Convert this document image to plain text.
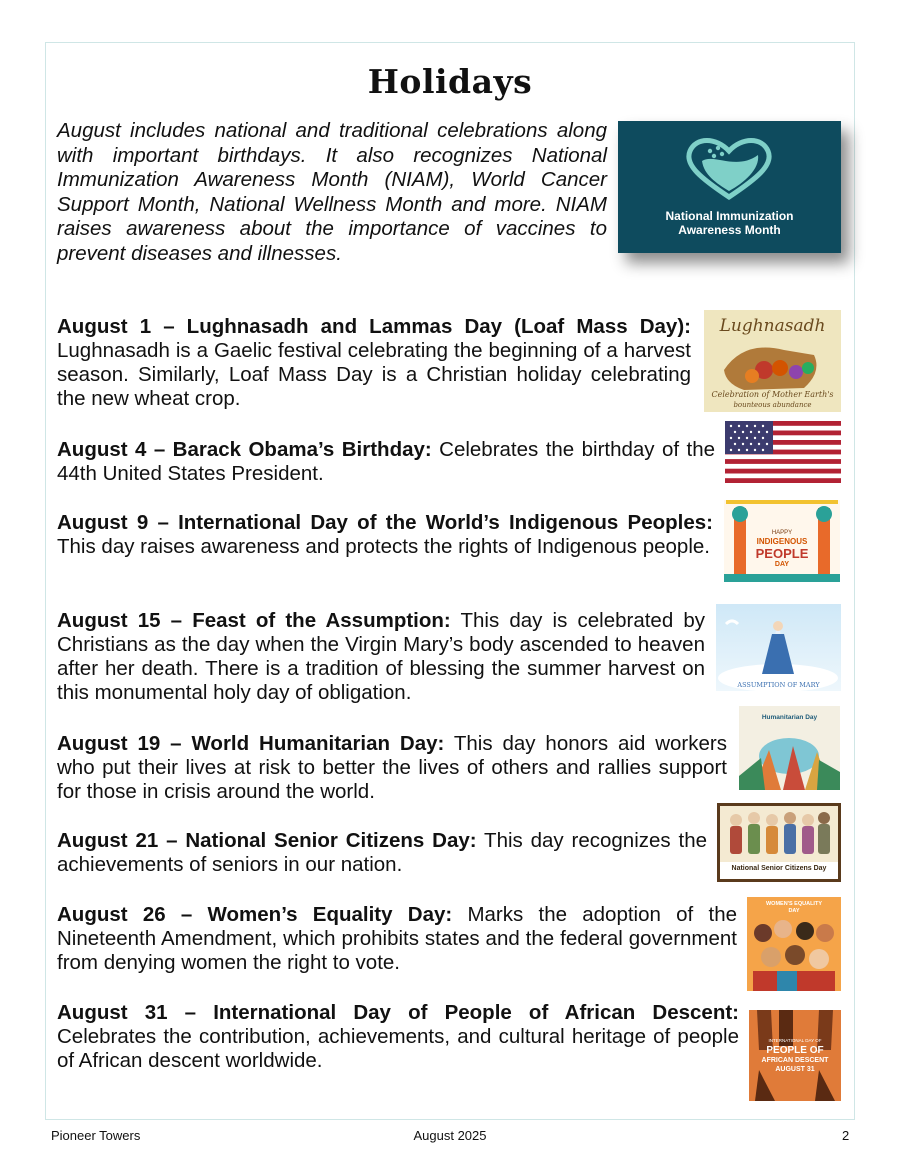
Holidays

August includes national and traditional celebrations along with important birthdays. It also recognizes National Immunization Awareness Month (NIAM), World Cancer Support Month, National Wellness Month and more. NIAM raises awareness about the importance of vaccines to prevent diseases and illnesses.

National Immunization
Awareness Month

August 1 – Lughnasadh and Lammas Day (Loaf Mass Day): Lughnasadh is a Gaelic festival celebrating the beginning of a harvest season. Similarly, Loaf Mass Day is a Christian holiday celebrating the new wheat crop.

Lughnasadh
Celebration of Mother Earth's
bounteous abundance

August 4 – Barack Obama’s Birthday: Celebrates the birthday of the 44th United States President.

August 9 – International Day of the World’s Indigenous Peoples: This day raises awareness and protects the rights of Indigenous people.

HAPPY
INDIGENOUS
PEOPLE
DAY

August 15 – Feast of the Assumption: This day is celebrated by Christians as the day when the Virgin Mary’s body ascended to heaven after her death. There is a tradition of blessing the summer harvest on this monumental holy day of obligation.	ASSUMPTION OF MARY

August 19 – World Humanitarian Day: This day honors aid workers who put their lives at risk to better the lives of others and rallies support for those in crisis around the world.

Humanitarian Day

August 21 – National Senior Citizens Day: This day recognizes the achievements of seniors in our nation.	National Senior Citizens Day

August 26 – Women’s Equality Day: Marks the adoption of the Nineteenth Amendment, which prohibits states and the federal government from denying women the right to vote.

WOMEN'S EQUALITY
DAY

August 31 – International Day of People of African Descent: Celebrates the contribution, achievements, and cultural heritage of people of African descent worldwide.

INTERNATIONAL DAY OF
PEOPLE OF
AFRICAN DESCENT
AUGUST 31
Pioneer Towers	August 2025	2
